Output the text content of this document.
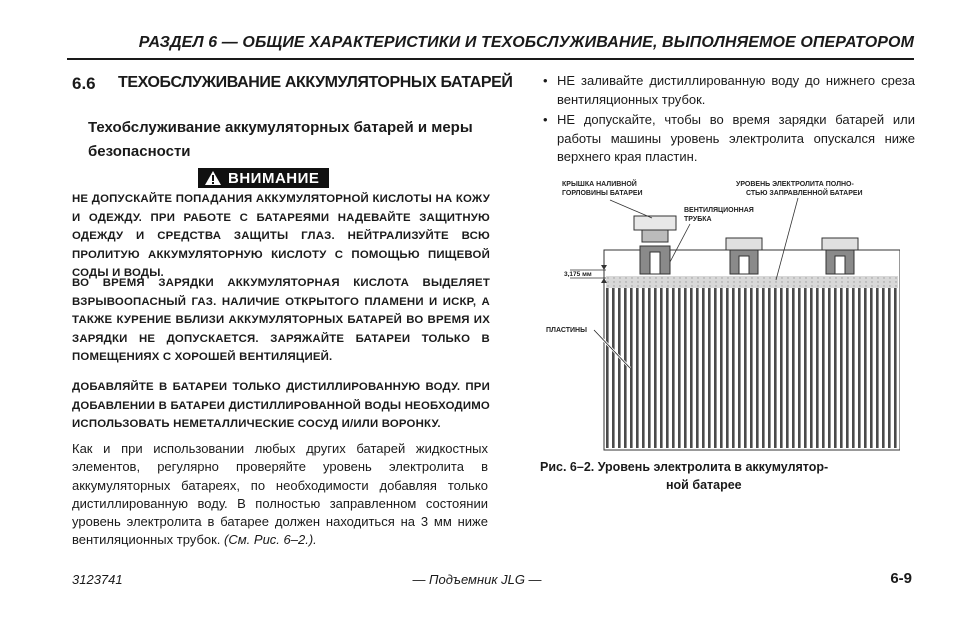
РАЗДЕЛ 6 — ОБЩИЕ ХАРАКТЕРИСТИКИ И ТЕХОБСЛУЖИВАНИЕ, ВЫПОЛНЯЕМОЕ ОПЕРАТОРОМ
6.6 ТЕХОБСЛУЖИВАНИЕ АККУМУЛЯТОРНЫХ БАТАРЕЙ
Техобслуживание аккумуляторных батарей и меры безопасности
ВНИМАНИЕ
НЕ ДОПУСКАЙТЕ ПОПАДАНИЯ АККУМУЛЯТОРНОЙ КИСЛОТЫ НА КОЖУ И ОДЕЖДУ. ПРИ РАБОТЕ С БАТАРЕЯМИ НАДЕВАЙТЕ ЗАЩИТНУЮ ОДЕЖДУ И СРЕДСТВА ЗАЩИТЫ ГЛАЗ. НЕЙТРАЛИЗУЙТЕ ВСЮ ПРОЛИТУЮ АККУМУЛЯТОРНУЮ КИСЛОТУ С ПОМОЩЬЮ ПИЩЕВОЙ СОДЫ И ВОДЫ.
ВО ВРЕМЯ ЗАРЯДКИ АККУМУЛЯТОРНАЯ КИСЛОТА ВЫДЕЛЯЕТ ВЗРЫВООПАСНЫЙ ГАЗ. НАЛИЧИЕ ОТКРЫТОГО ПЛАМЕНИ И ИСКР, А ТАКЖЕ КУРЕНИЕ ВБЛИЗИ АККУМУЛЯТОРНЫХ БАТАРЕЙ ВО ВРЕМЯ ИХ ЗАРЯДКИ НЕ ДОПУСКАЕТСЯ. ЗАРЯЖАЙТЕ БАТАРЕИ ТОЛЬКО В ПОМЕЩЕНИЯХ С ХОРОШЕЙ ВЕНТИЛЯЦИЕЙ.
ДОБАВЛЯЙТЕ В БАТАРЕИ ТОЛЬКО ДИСТИЛЛИРОВАННУЮ ВОДУ. ПРИ ДОБАВЛЕНИИ В БАТАРЕИ ДИСТИЛЛИРОВАННОЙ ВОДЫ НЕОБХОДИМО ИСПОЛЬЗОВАТЬ НЕМЕТАЛЛИЧЕСКИЕ СОСУД И/ИЛИ ВОРОНКУ.
Как и при использовании любых других батарей жидкостных элементов, регулярно проверяйте уровень электролита в аккумуляторных батареях, по необходимости добавляя только дистиллированную воду. В полностью заправленном состоянии уровень электролита в батарее должен находиться на 3 мм ниже вентиляционных трубок. (См. Рис. 6–2.).
• НЕ заливайте дистиллированную воду до нижнего среза вентиляционных трубок.
• НЕ допускайте, чтобы во время зарядки батарей или работы машины уровень электролита опускался ниже верхнего края пластин.
3,175 мм
КРЫШКА НАЛИВНОЙ ГОРЛОВИНЫ БАТАРЕИ
УРОВЕНЬ ЭЛЕКТРОЛИТА ПОЛНО- СТЬЮ ЗАПРАВЛЕННОЙ БАТАРЕИ
ВЕНТИЛЯЦИОННАЯ ТРУБКА
ПЛАСТИНЫ
Рис. 6–2. Уровень электролита в аккумулятор-
ной батарее
3123741	— Подъемник JLG —	6-9
